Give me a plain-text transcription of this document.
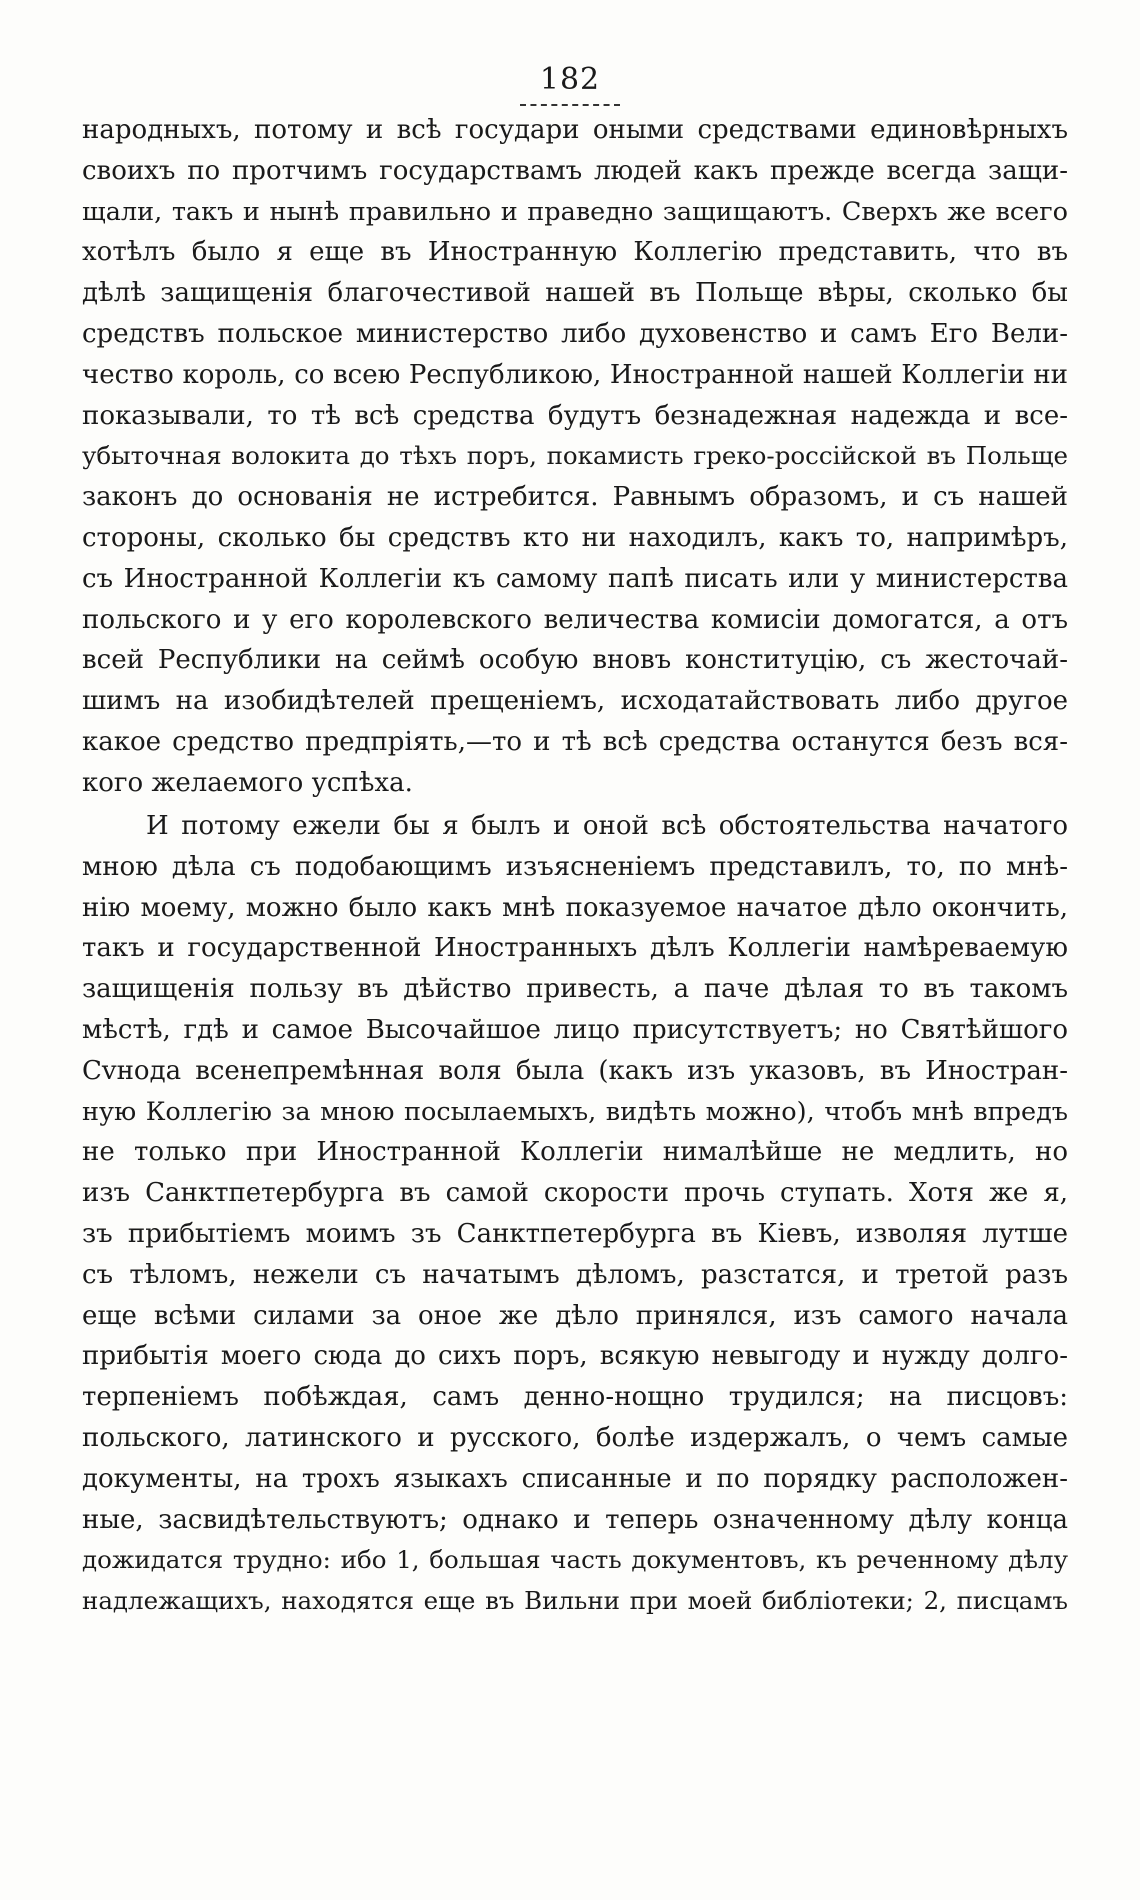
182
народныхъ, потому и всѣ государи оными средствами единовѣрныхъ
своихъ по протчимъ государствамъ людей какъ прежде всегда защи-
щали, такъ и нынѣ правильно и праведно защищаютъ. Сверхъ же всего
хотѣлъ было я еще въ Иностранную Коллегію представить, что въ
дѣлѣ защищенія благочестивой нашей въ Польще вѣры, сколько бы
средствъ польское министерство либо духовенство и самъ Его Вели-
чество король, со всею Республикою, Иностранной нашей Коллегіи ни
показывали, то тѣ всѣ средства будутъ безнадежная надежда и все-
убыточная волокита до тѣхъ поръ, покамисть греко-россійской въ Польще
законъ до основанія не истребится. Равнымъ образомъ, и съ нашей
стороны, сколько бы средствъ кто ни находилъ, какъ то, напримѣръ,
съ Иностранной Коллегіи къ самому папѣ писать или у министерства
польского и у его королевского величества комисіи домогатся, а отъ
всей Республики на сеймѣ особую вновъ конституцію, съ жесточай-
шимъ на изобидѣтелей прещеніемъ, исходатайствовать либо другое
какое средство предпріять,—то и тѣ всѣ средства останутся безъ вся-
кого желаемого успѣха.
И потому ежели бы я былъ и оной всѣ обстоятельства начатого
мною дѣла съ подобающимъ изъясненіемъ представилъ, то, по мнѣ-
нію моему, можно было какъ мнѣ показуемое начатое дѣло окончить,
такъ и государственной Иностранныхъ дѣлъ Коллегіи намѣреваемую
защищенія пользу въ дѣйство привесть, а паче дѣлая то въ такомъ
мѣстѣ, гдѣ и самое Высочайшое лицо присутствуетъ; но Святѣйшого
Сvнода всенепремѣнная воля была (какъ изъ указовъ, въ Иностран-
ную Коллегію за мною посылаемыхъ, видѣть можно), чтобъ мнѣ впредъ
не только при Иностранной Коллегіи нималѣйше не медлить, но
изъ Санктпетербурга въ самой скорости прочь ступать. Хотя же я,
зъ прибытіемъ моимъ зъ Санктпетербурга въ Кіевъ, изволяя лутше
съ тѣломъ, нежели съ начатымъ дѣломъ, разстатся, и третой разъ
еще всѣми силами за оное же дѣло принялся, изъ самого начала
прибытія моего сюда до сихъ поръ, всякую невыгоду и нужду долго-
терпеніемъ побѣждая, самъ денно-нощно трудился; на писцовъ:
польского, латинского и русского, болѣе издержалъ, о чемъ самые
документы, на трохъ языкахъ списанные и по порядку расположен-
ные, засвидѣтельствуютъ; однако и теперь означенному дѣлу конца
дожидатся трудно: ибо 1, большая часть документовъ, къ реченному дѣлу
надлежащихъ, находятся еще въ Вильни при моей библіотеки; 2, писцамъ
